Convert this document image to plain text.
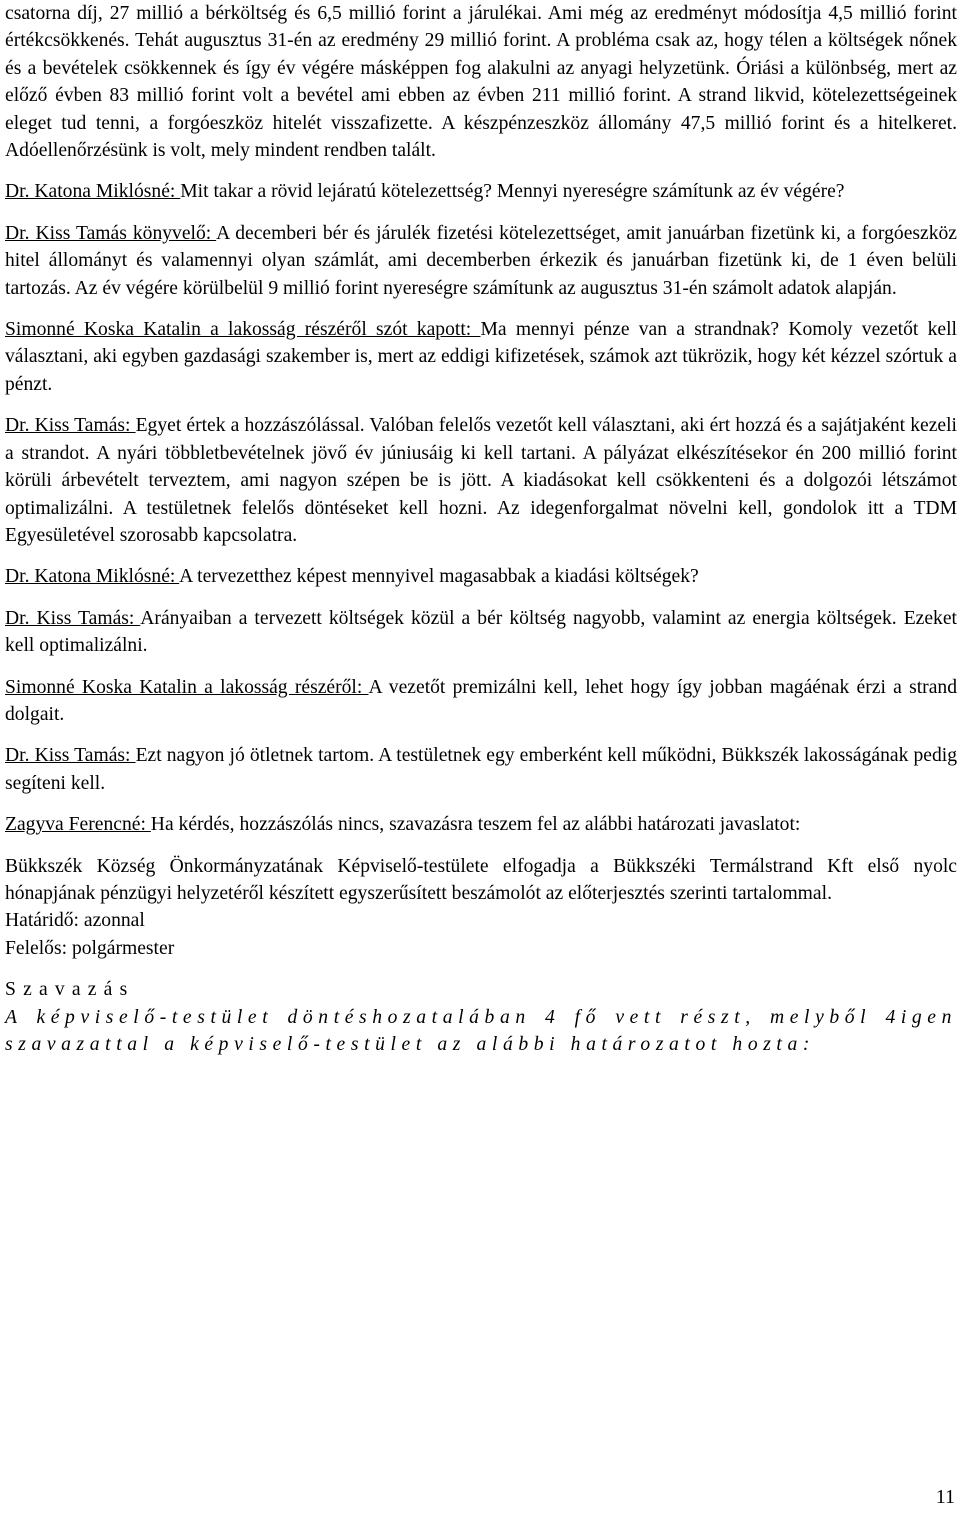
csatorna díj, 27 millió a bérköltség és 6,5 millió forint a járulékai. Ami még az eredményt módosítja 4,5 millió forint értékcsökkenés. Tehát augusztus 31-én az eredmény 29 millió forint. A probléma csak az, hogy télen a költségek nőnek és a bevételek csökkennek és így év végére másképpen fog alakulni az anyagi helyzetünk. Óriási a különbség, mert az előző évben 83 millió forint volt a bevétel ami ebben az évben 211 millió forint. A strand likvid, kötelezettségeinek eleget tud tenni, a forgóeszköz hitelét visszafizette. A készpénzeszköz állomány 47,5 millió forint és a hitelkeret. Adóellenőrzésünk is volt, mely mindent rendben talált.

Dr. Katona Miklósné: Mit takar a rövid lejáratú kötelezettség? Mennyi nyereségre számítunk az év végére?

Dr. Kiss Tamás könyvelő: A decemberi bér és járulék fizetési kötelezettséget, amit januárban fizetünk ki, a forgóeszköz hitel állományt és valamennyi olyan számlát, ami decemberben érkezik és januárban fizetünk ki, de 1 éven belüli tartozás. Az év végére körülbelül 9 millió forint nyereségre számítunk az augusztus 31-én számolt adatok alapján.

Simonné Koska Katalin a lakosság részéről szót kapott: Ma mennyi pénze van a strandnak? Komoly vezetőt kell választani, aki egyben gazdasági szakember is, mert az eddigi kifizetések, számok azt tükrözik, hogy két kézzel szórtuk a pénzt.

Dr. Kiss Tamás: Egyet értek a hozzászólással. Valóban felelős vezetőt kell választani, aki ért hozzá és a sajátjaként kezeli a strandot. A nyári többletbevételnek jövő év júniusáig ki kell tartani. A pályázat elkészítésekor én 200 millió forint körüli árbevételt terveztem, ami nagyon szépen be is jött. A kiadásokat kell csökkenteni és a dolgozói létszámot optimalizálni. A testületnek felelős döntéseket kell hozni. Az idegenforgalmat növelni kell, gondolok itt a TDM Egyesületével szorosabb kapcsolatra.

Dr. Katona Miklósné: A tervezetthez képest mennyivel magasabbak a kiadási költségek?

Dr. Kiss Tamás: Arányaiban a tervezett költségek közül a bér költség nagyobb, valamint az energia költségek. Ezeket kell optimalizálni.

Simonné Koska Katalin a lakosság részéről: A vezetőt premizálni kell, lehet hogy így jobban magáénak érzi a strand dolgait.

Dr. Kiss Tamás: Ezt nagyon jó ötletnek tartom. A testületnek egy emberként kell működni, Bükkszék lakosságának pedig segíteni kell.

Zagyva Ferencné: Ha kérdés, hozzászólás nincs, szavazásra teszem fel az alábbi határozati javaslatot:

Bükkszék Község Önkormányzatának Képviselő-testülete elfogadja a Bükkszéki Termálstrand Kft első nyolc hónapjának pénzügyi helyzetéről készített egyszerűsített beszámolót az előterjesztés szerinti tartalommal.

Határidő: azonnal

Felelős: polgármester

Szavazás

A képviselő-testület döntéshozatalában 4 fő vett részt, melyből 4igen szavazattal a képviselő-testület az alábbi határozatot hozta:

11
